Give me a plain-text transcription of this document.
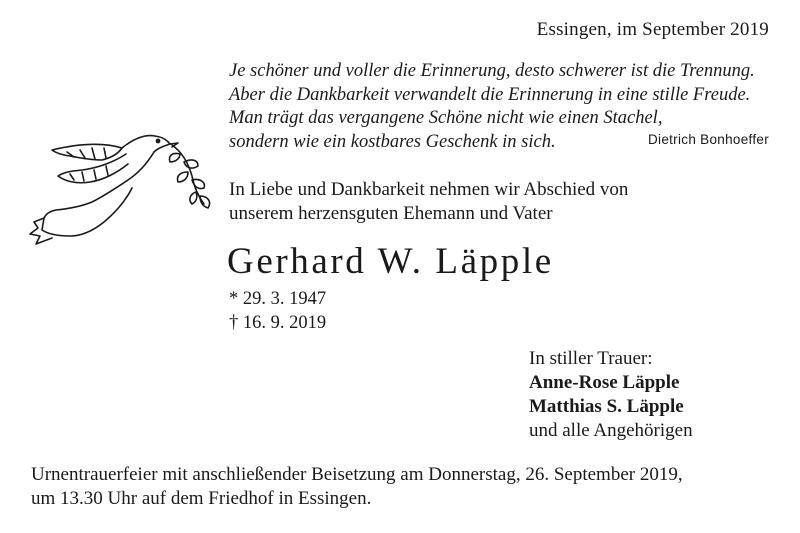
Essingen, im September 2019
Je schöner und voller die Erinnerung, desto schwerer ist die Trennung.
Aber die Dankbarkeit verwandelt die Erinnerung in eine stille Freude.
Man trägt das vergangene Schöne nicht wie einen Stachel,
sondern wie ein kostbares Geschenk in sich.	Dietrich Bonhoeffer
In Liebe und Dankbarkeit nehmen wir Abschied von
unserem herzensguten Ehemann und Vater
Gerhard W. Läpple
* 29. 3. 1947
† 16. 9. 2019
In stiller Trauer:
Anne-Rose Läpple
Matthias S. Läpple
und alle Angehörigen
Urnentrauerfeier mit anschließender Beisetzung am Donnerstag, 26. September 2019,
um 13.30 Uhr auf dem Friedhof in Essingen.
